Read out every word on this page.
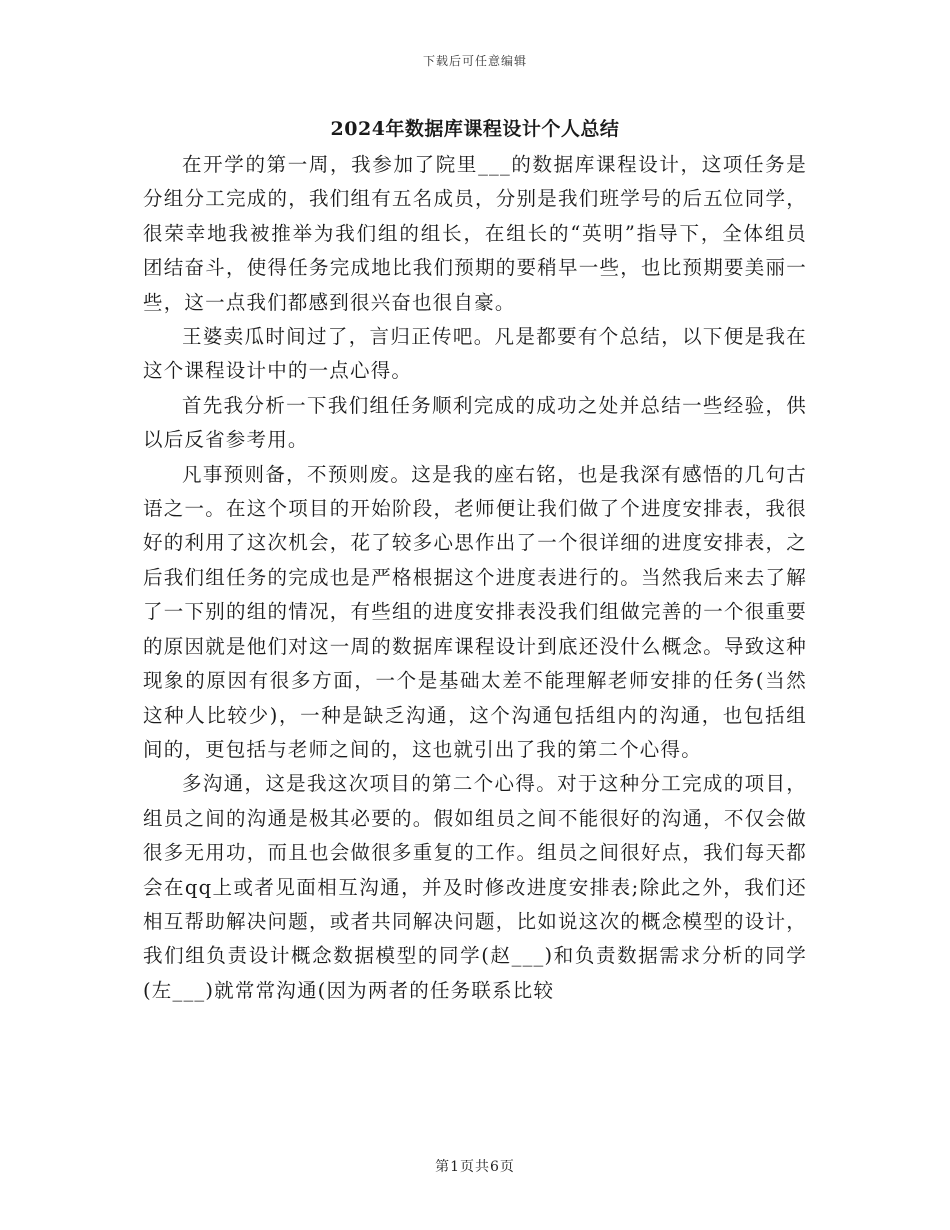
下载后可任意编辑
2024年数据库课程设计个人总结

在开学的第一周，我参加了院里___的数据库课程设计，这项任务是分组分工完成的，我们组有五名成员，分别是我们班学号的后五位同学，很荣幸地我被推举为我们组的组长，在组长的“英明”指导下，全体组员团结奋斗，使得任务完成地比我们预期的要稍早一些，也比预期要美丽一些，这一点我们都感到很兴奋也很自豪。

王婆卖瓜时间过了，言归正传吧。凡是都要有个总结，以下便是我在这个课程设计中的一点心得。

首先我分析一下我们组任务顺利完成的成功之处并总结一些经验，供以后反省参考用。

凡事预则备，不预则废。这是我的座右铭，也是我深有感悟的几句古语之一。在这个项目的开始阶段，老师便让我们做了个进度安排表，我很好的利用了这次机会，花了较多心思作出了一个很详细的进度安排表，之后我们组任务的完成也是严格根据这个进度表进行的。当然我后来去了解了一下别的组的情况，有些组的进度安排表没我们组做完善的一个很重要的原因就是他们对这一周的数据库课程设计到底还没什么概念。导致这种现象的原因有很多方面，一个是基础太差不能理解老师安排的任务(当然这种人比较少)，一种是缺乏沟通，这个沟通包括组内的沟通，也包括组间的，更包括与老师之间的，这也就引出了我的第二个心得。

多沟通，这是我这次项目的第二个心得。对于这种分工完成的项目，组员之间的沟通是极其必要的。假如组员之间不能很好的沟通，不仅会做很多无用功，而且也会做很多重复的工作。组员之间很好点，我们每天都会在qq上或者见面相互沟通，并及时修改进度安排表;除此之外，我们还相互帮助解决问题，或者共同解决问题，比如说这次的概念模型的设计，我们组负责设计概念数据模型的同学(赵___)和负责数据需求分析的同学(左___)就常常沟通(因为两者的任务联系比较

第1页共6页
